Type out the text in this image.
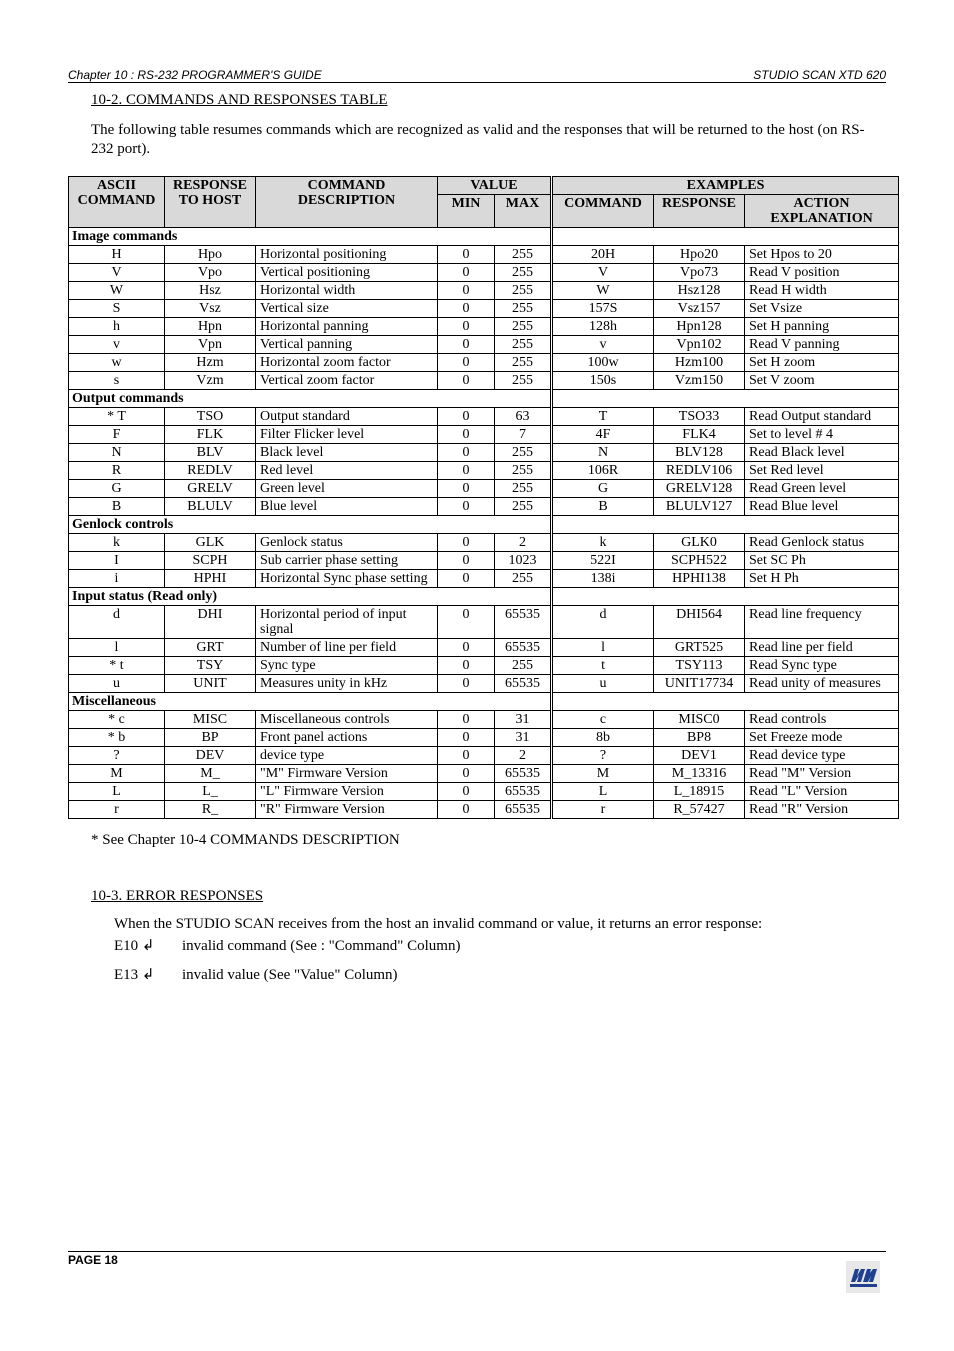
Chapter 10 : RS-232 PROGRAMMER'S GUIDE	STUDIO SCAN XTD 620
10-2. COMMANDS AND RESPONSES TABLE
The following table resumes commands which are recognized as valid and the responses that will be returned to the host (on RS-232 port).
ASCII COMMAND	RESPONSE TO HOST	COMMAND DESCRIPTION	VALUE		EXAMPLES		
			MIN	MAX	COMMAND	RESPONSE	ACTION EXPLANATION
Image commands							
H	Hpo	Horizontal positioning	0	255	20H	Hpo20	Set Hpos to 20
V	Vpo	Vertical positioning	0	255	V	Vpo73	Read V position
W	Hsz	Horizontal width	0	255	W	Hsz128	Read H width
S	Vsz	Vertical size	0	255	157S	Vsz157	Set Vsize
h	Hpn	Horizontal panning	0	255	128h	Hpn128	Set H panning
v	Vpn	Vertical panning	0	255	v	Vpn102	Read V panning
w	Hzm	Horizontal zoom factor	0	255	100w	Hzm100	Set H zoom
s	Vzm	Vertical zoom factor	0	255	150s	Vzm150	Set V zoom
Output commands							
* T	TSO	Output standard	0	63	T	TSO33	Read Output standard
F	FLK	Filter Flicker level	0	7	4F	FLK4	Set to level # 4
N	BLV	Black level	0	255	N	BLV128	Read Black level
R	REDLV	Red level	0	255	106R	REDLV106	Set Red level
G	GRELV	Green level	0	255	G	GRELV128	Read Green level
B	BLULV	Blue level	0	255	B	BLULV127	Read Blue level
Genlock controls							
k	GLK	Genlock status	0	2	k	GLK0	Read Genlock status
I	SCPH	Sub carrier phase setting	0	1023	522I	SCPH522	Set SC Ph
i	HPHI	Horizontal Sync phase setting	0	255	138i	HPHI138	Set H Ph
Input status (Read only)							
d	DHI	Horizontal period of input signal	0	65535	d	DHI564	Read line frequency
l	GRT	Number of line per field	0	65535	l	GRT525	Read line per field
* t	TSY	Sync type	0	255	t	TSY113	Read Sync type
u	UNIT	Measures unity in kHz	0	65535	u	UNIT17734	Read unity of measures
Miscellaneous							
* c	MISC	Miscellaneous controls	0	31	c	MISC0	Read controls
* b	BP	Front panel actions	0	31	8b	BP8	Set Freeze mode
?	DEV	device type	0	2	?	DEV1	Read device type
M	M_	"M" Firmware Version	0	65535	M	M_13316	Read "M" Version
L	L_	"L" Firmware Version	0	65535	L	L_18915	Read "L" Version
r	R_	"R" Firmware Version	0	65535	r	R_57427	Read "R" Version
* See Chapter 10-4 COMMANDS DESCRIPTION
10-3. ERROR RESPONSES
When the STUDIO SCAN receives from the host an invalid command or value, it returns an error response:
E10 ↲ invalid command (See : "Command" Column)
E13 ↲ invalid value (See "Value" Column)
PAGE 18
